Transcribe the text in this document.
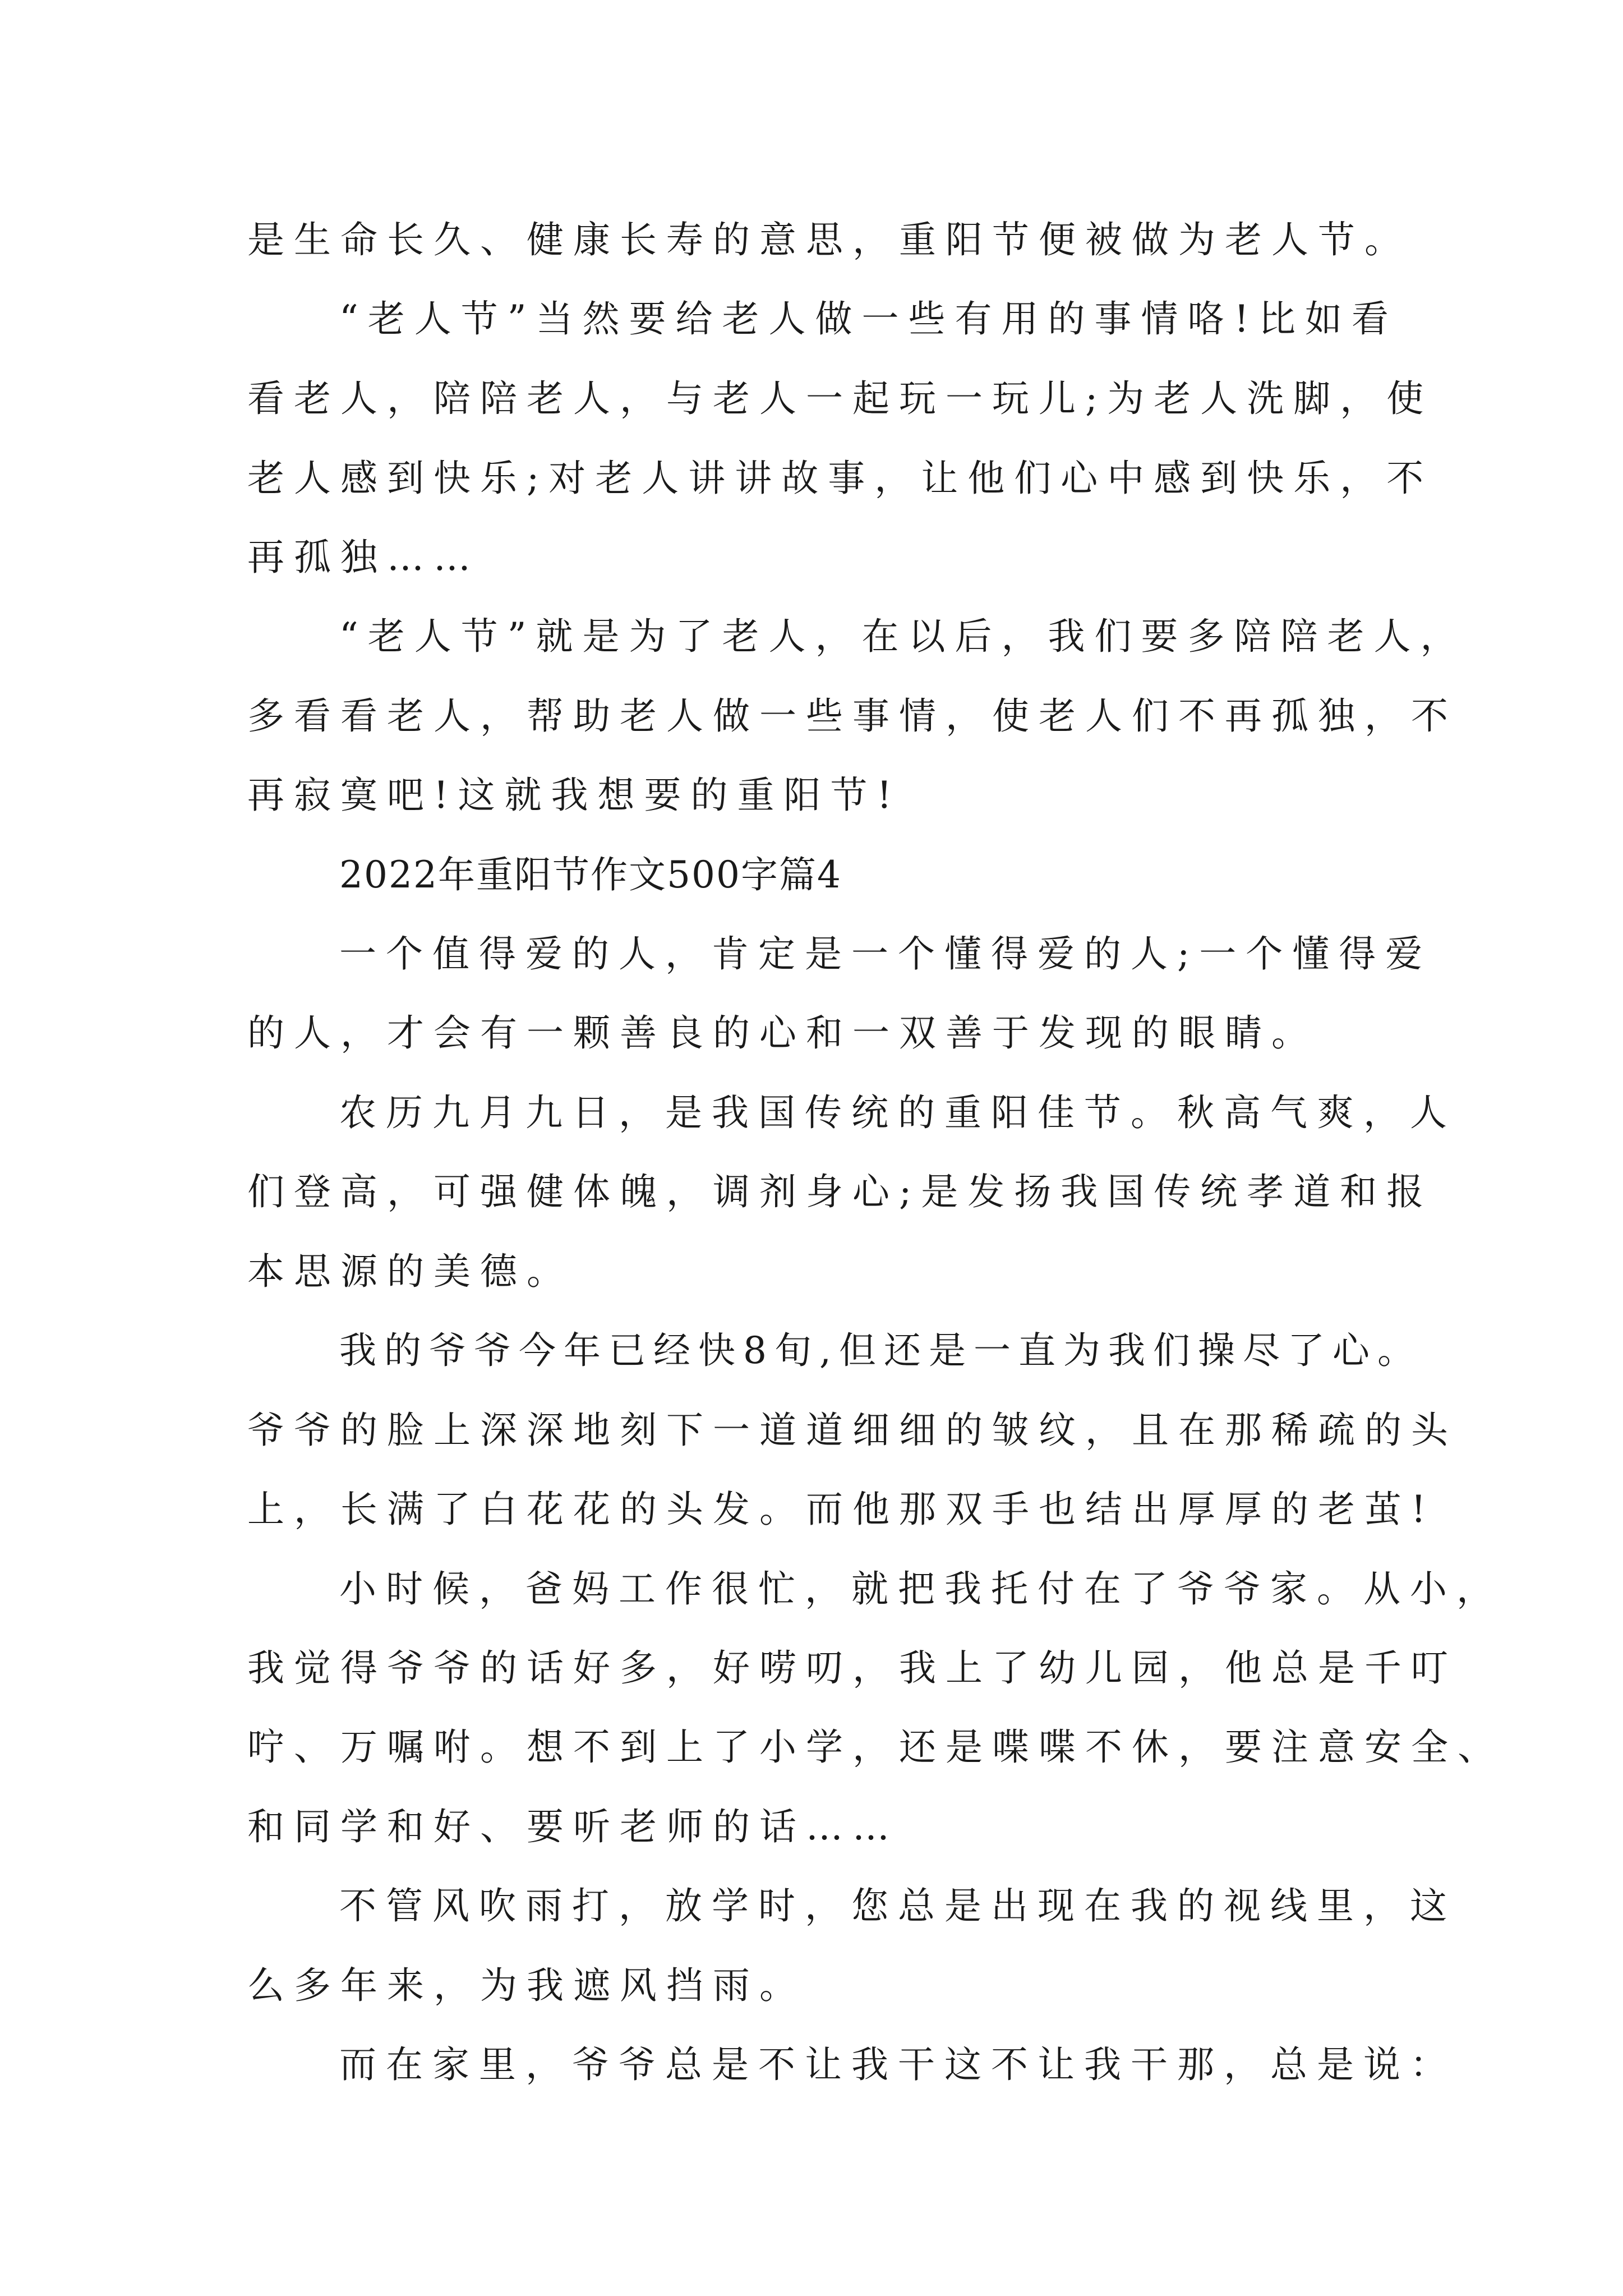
是生命长久、健康长寿的意思，重阳节便被做为老人节。
“老人节”当然要给老人做一些有用的事情咯!比如看
看老人，陪陪老人，与老人一起玩一玩儿;为老人洗脚，使
老人感到快乐;对老人讲讲故事，让他们心中感到快乐，不
再孤独……
“老人节”就是为了老人，在以后，我们要多陪陪老人，
多看看老人，帮助老人做一些事情，使老人们不再孤独，不
再寂寞吧!这就我想要的重阳节!
2022年重阳节作文500字篇4
一个值得爱的人，肯定是一个懂得爱的人;一个懂得爱
的人，才会有一颗善良的心和一双善于发现的眼睛。
农历九月九日，是我国传统的重阳佳节。秋高气爽，人
们登高，可强健体魄，调剂身心;是发扬我国传统孝道和报
本思源的美德。
我的爷爷今年已经快8旬,但还是一直为我们操尽了心。
爷爷的脸上深深地刻下一道道细细的皱纹，且在那稀疏的头
上，长满了白花花的头发。而他那双手也结出厚厚的老茧!
小时候，爸妈工作很忙，就把我托付在了爷爷家。从小，
我觉得爷爷的话好多，好唠叨，我上了幼儿园，他总是千叮
咛、万嘱咐。想不到上了小学，还是喋喋不休，要注意安全、
和同学和好、要听老师的话……
不管风吹雨打，放学时，您总是出现在我的视线里，这
么多年来，为我遮风挡雨。
而在家里，爷爷总是不让我干这不让我干那，总是说：
